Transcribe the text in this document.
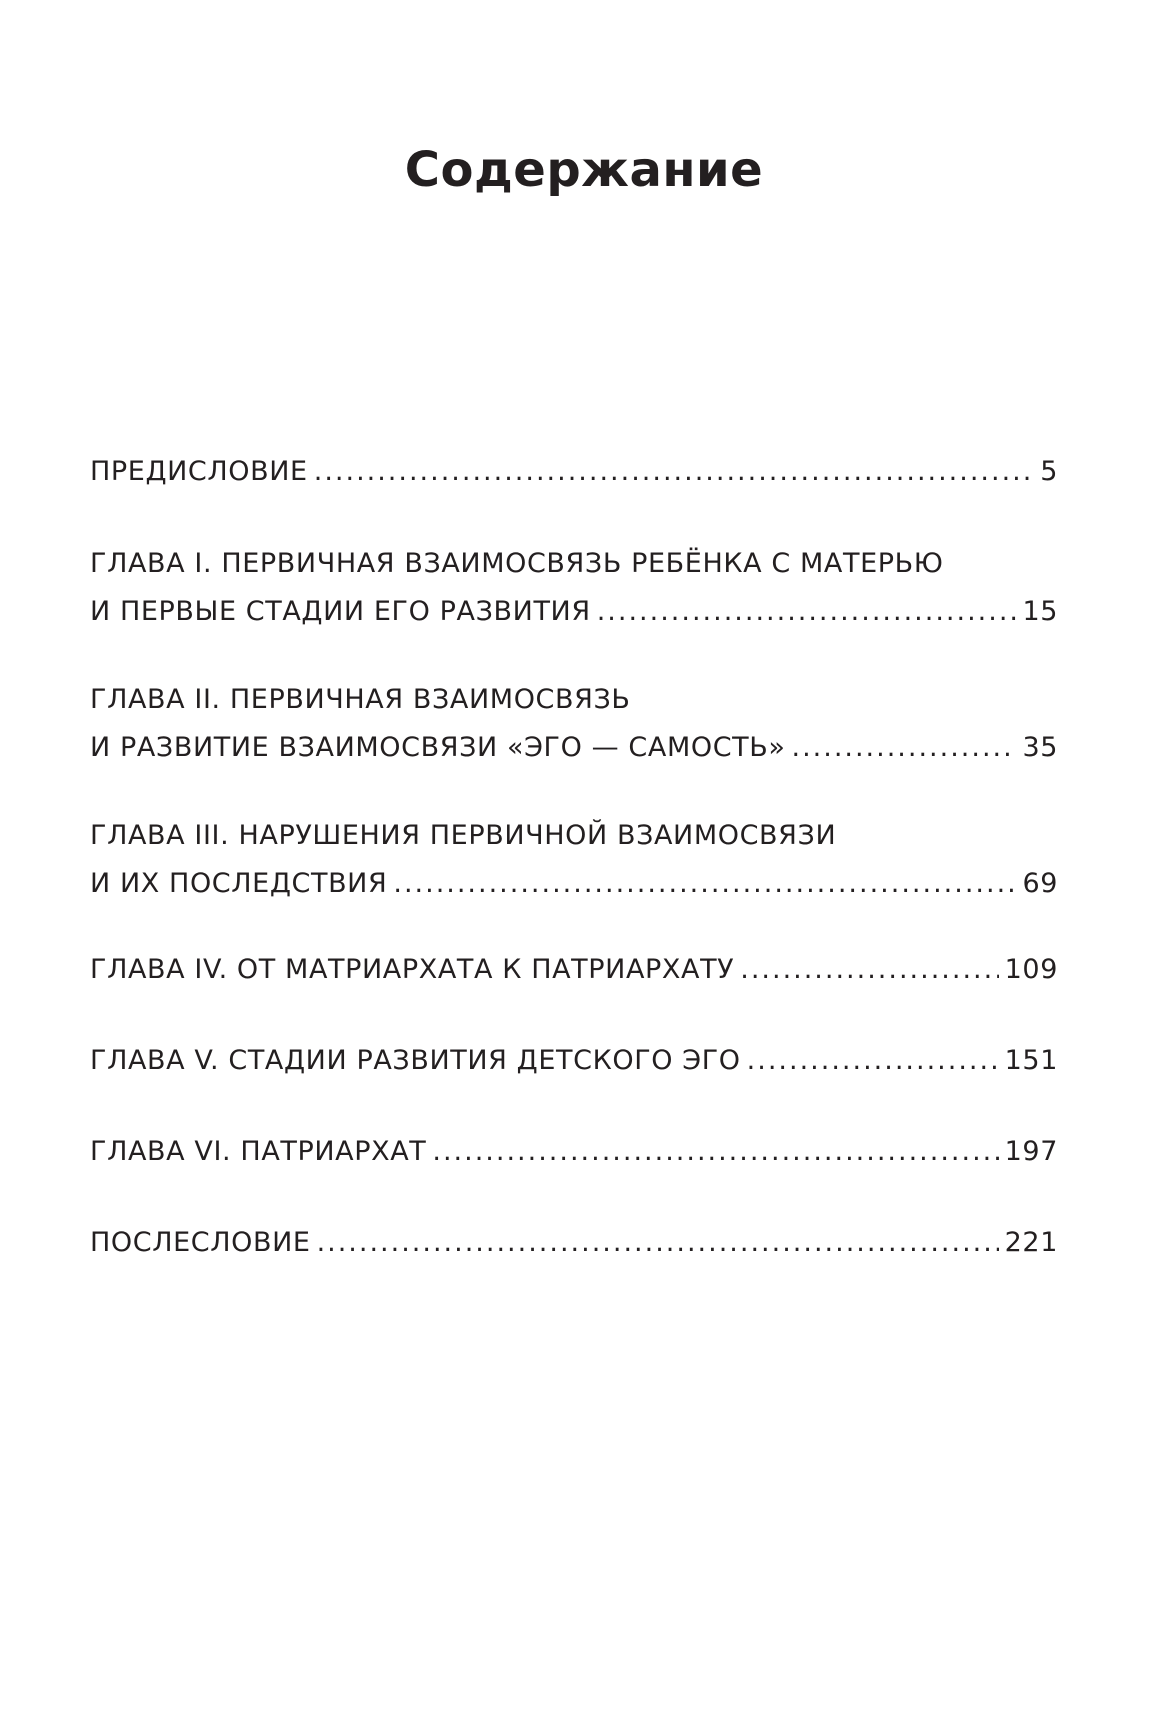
Содержание
ПРЕДИСЛОВИЕ .....	5
ГЛАВА I. ПЕРВИЧНАЯ ВЗАИМОСВЯЗЬ РЕБЁНКА С МАТЕРЬЮ
И ПЕРВЫЕ СТАДИИ ЕГО РАЗВИТИЯ .....	15
ГЛАВА II. ПЕРВИЧНАЯ ВЗАИМОСВЯЗЬ
И РАЗВИТИЕ ВЗАИМОСВЯЗИ «ЭГО — САМОСТЬ» .....	35
ГЛАВА III. НАРУШЕНИЯ ПЕРВИЧНОЙ ВЗАИМОСВЯЗИ
И ИХ ПОСЛЕДСТВИЯ .....	69
ГЛАВА IV. ОТ МАТРИАРХАТА К ПАТРИАРХАТУ .....	109
ГЛАВА V. СТАДИИ РАЗВИТИЯ ДЕТСКОГО ЭГО .....	151
ГЛАВА VI. ПАТРИАРХАТ .....	197
ПОСЛЕСЛОВИЕ .....	221
